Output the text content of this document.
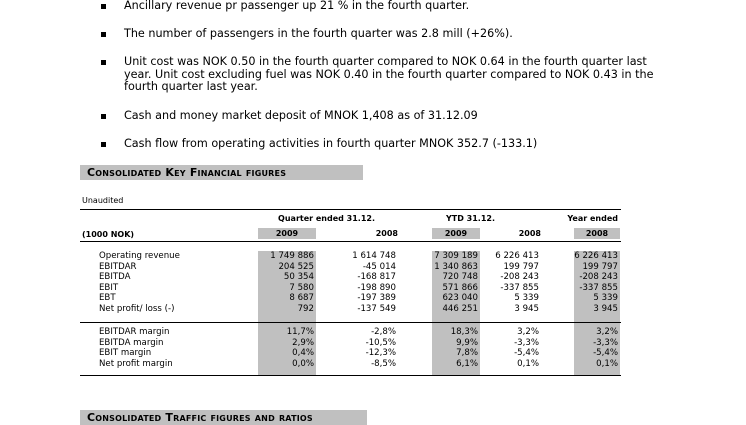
Ancillary revenue pr passenger up 21 % in the fourth quarter.
The number of passengers in the fourth quarter was 2.8 mill (+26%).
Unit cost was NOK 0.50 in the fourth quarter compared to NOK 0.64 in the fourth quarter last year. Unit cost excluding fuel was NOK 0.40 in the fourth quarter compared to NOK 0.43 in the fourth quarter last year.
Cash and money market deposit of MNOK 1,408 as of 31.12.09
Cash flow from operating activities in fourth quarter MNOK 352.7 (-133.1)
Consolidated Key Financial figures
Unaudited
Quarter ended 31.12.	YTD 31.12.	Year ended
(1000 NOK)	2009	2008	2009	2008	2008
Operating revenue	1 749 886	1 614 748	7 309 189	6 226 413	6 226 413
EBITDAR	204 525	-45 014	1 340 863	199 797	199 797
EBITDA	50 354	-168 817	720 748	-208 243	-208 243
EBIT	7 580	-198 890	571 866	-337 855	-337 855
EBT	8 687	-197 389	623 040	5 339	5 339
Net profit/ loss (-)	792	-137 549	446 251	3 945	3 945
EBITDAR margin	11,7%	-2,8%	18,3%	3,2%	3,2%
EBITDA margin	2,9%	-10,5%	9,9%	-3,3%	-3,3%
EBIT margin	0,4%	-12,3%	7,8%	-5,4%	-5,4%
Net profit margin	0,0%	-8,5%	6,1%	0,1%	0,1%
Consolidated Traffic figures and ratios
